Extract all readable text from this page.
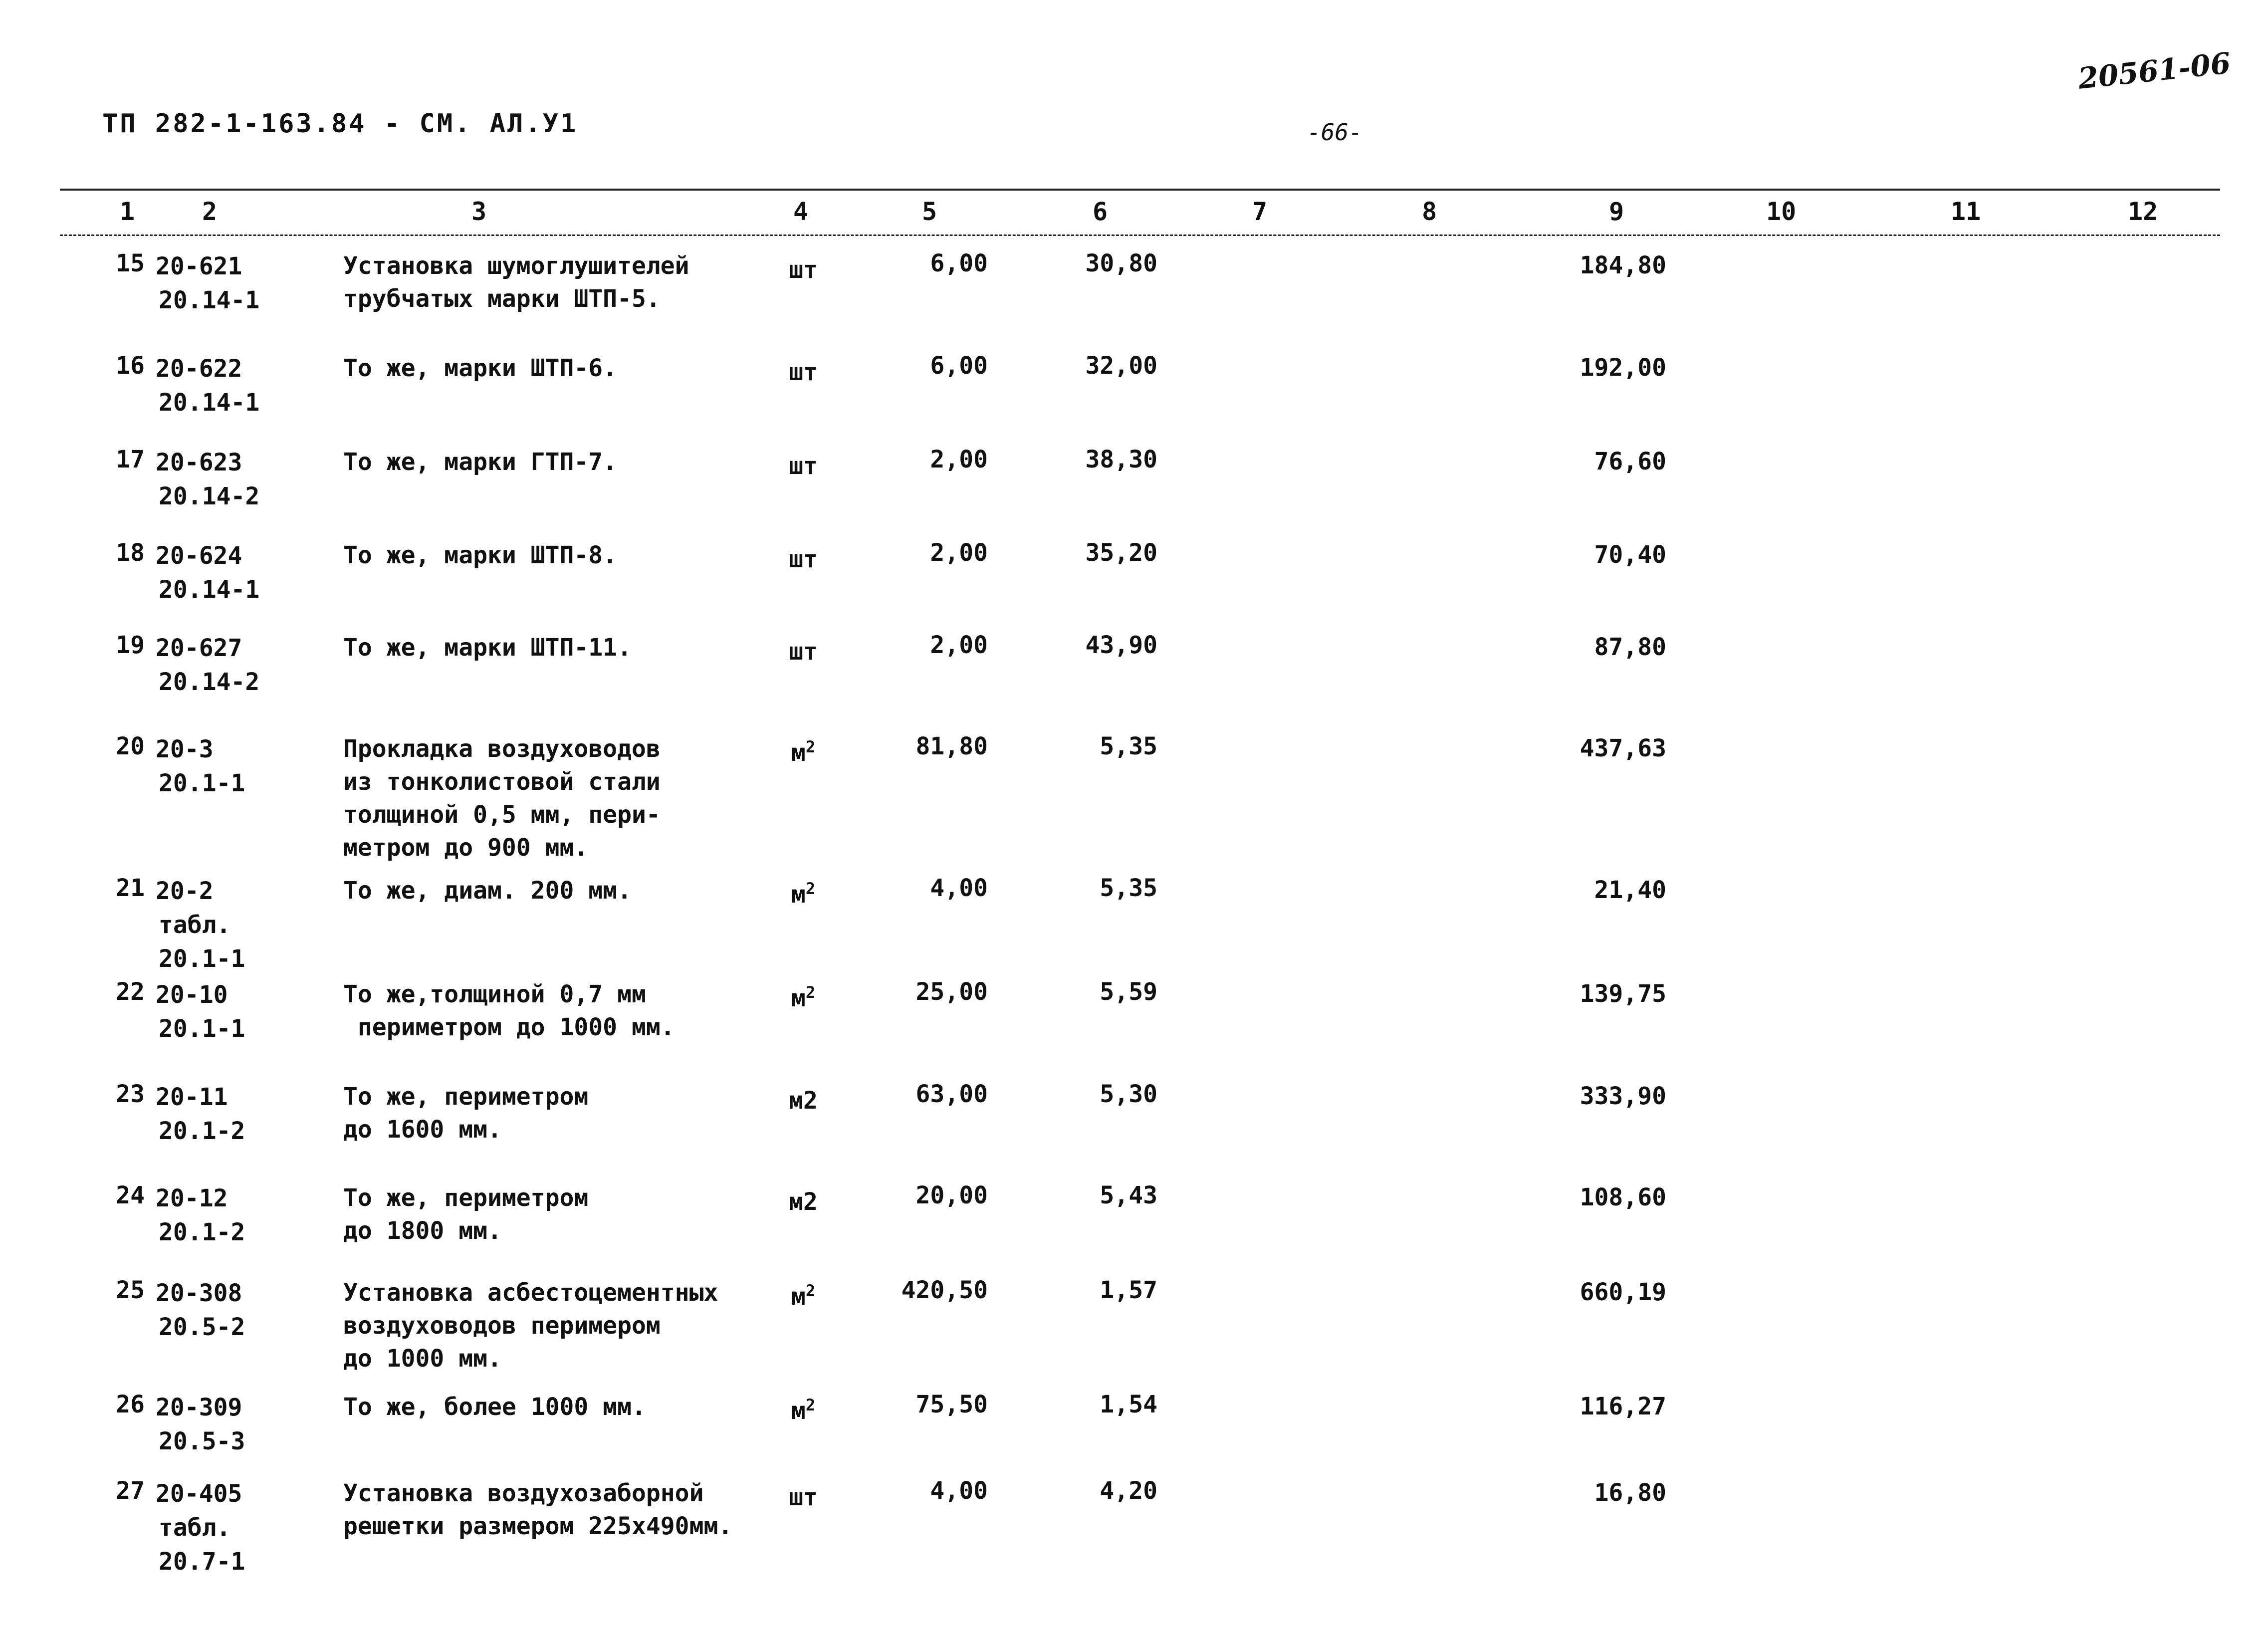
ТП 282-1-163.84 - СМ. АЛ.У1	-66-
20561-06
1	2	3	4	5	6	7	8	9	10	11	12
15 20-621
20.14-1
Установка шумоглушителей
трубчатых марки ШТП-5.
шт	6,00	30,80	184,80
16 20-622
20.14-1
То же, марки ШТП-6.	шт	6,00	32,00	192,00
17 20-623
20.14-2
То же, марки ГТП-7.	шт	2,00	38,30	76,60
18 20-624
20.14-1
То же, марки ШТП-8.	шт	2,00	35,20	70,40
19 20-627
20.14-2
То же, марки ШТП-11.	шт	2,00	43,90	87,80
20 20-3
20.1-1
Прокладка воздуховодов
из тонколистовой стали
толщиной 0,5 мм, пери-
метром до 900 мм.
$м^2$	81,80	5,35	437,63
21 20-2
табл.
20.1-1
То же, диам. 200 мм.	$м^2$	4,00	5,35	21,40
22 20-10
20.1-1
То же,толщиной 0,7 мм
периметром до 1000 мм.
$м^2$	25,00	5,59	139,75
23 20-11
20.1-2
То же, периметром
до 1600 мм.
м2	63,00	5,30	333,90
24 20-12
20.1-2
То же, периметром
до 1800 мм.
м2	20,00	5,43	108,60
25 20-308
20.5-2
Установка асбестоцементных
воздуховодов перимером
до 1000 мм.
$м^2$	420,50	1,57	660,19
26 20-309
20.5-3
То же, более 1000 мм.	$м^2$	75,50	1,54	116,27
27 20-405
табл.
20.7-1
Установка воздухозаборной
решетки размером 225х490мм.
шт	4,00	4,20	16,80
